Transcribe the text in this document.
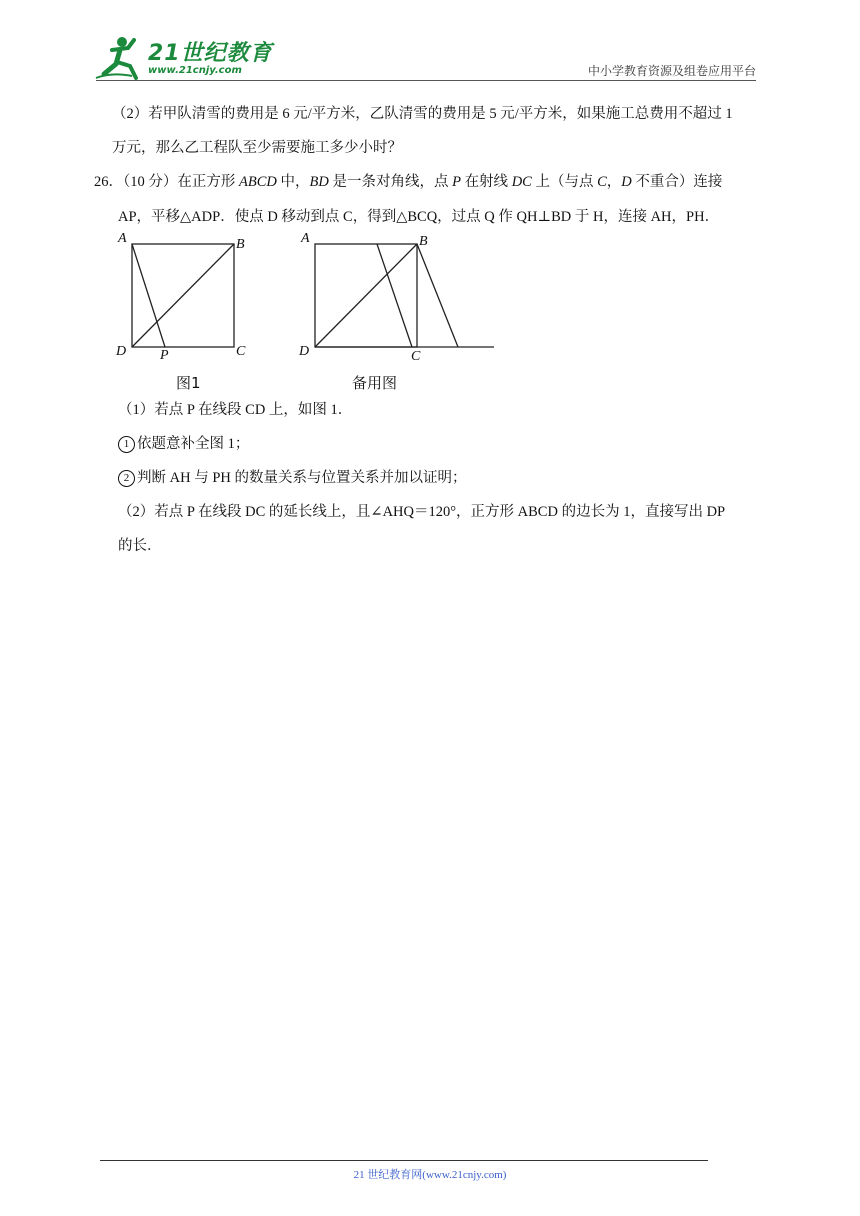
21世纪教育
www.21cnjy.com	中小学教育资源及组卷应用平台
（2）若甲队清雪的费用是 6 元/平方米，乙队清雪的费用是 5 元/平方米，如果施工总费用不超过 1
万元，那么乙工程队至少需要施工多少小时？
26．（10 分）在正方形 ABCD 中，BD 是一条对角线，点 P 在射线 DC 上（与点 C，D 不重合）连接
AP，平移△ADP．使点 D 移动到点 C，得到△BCQ，过点 Q 作 QH⊥BD 于 H，连接 AH，PH．
A	B
C
D P
A	B
C
D
图1	备用图
（1）若点 P 在线段 CD 上，如图 1．
1 依题意补全图 1；
2 判断 AH 与 PH 的数量关系与位置关系并加以证明；
（2）若点 P 在线段 DC 的延长线上，且∠AHQ＝120°，正方形 ABCD 的边长为 1，直接写出 DP
的长．
21 世纪教育网(www.21cnjy.com)
